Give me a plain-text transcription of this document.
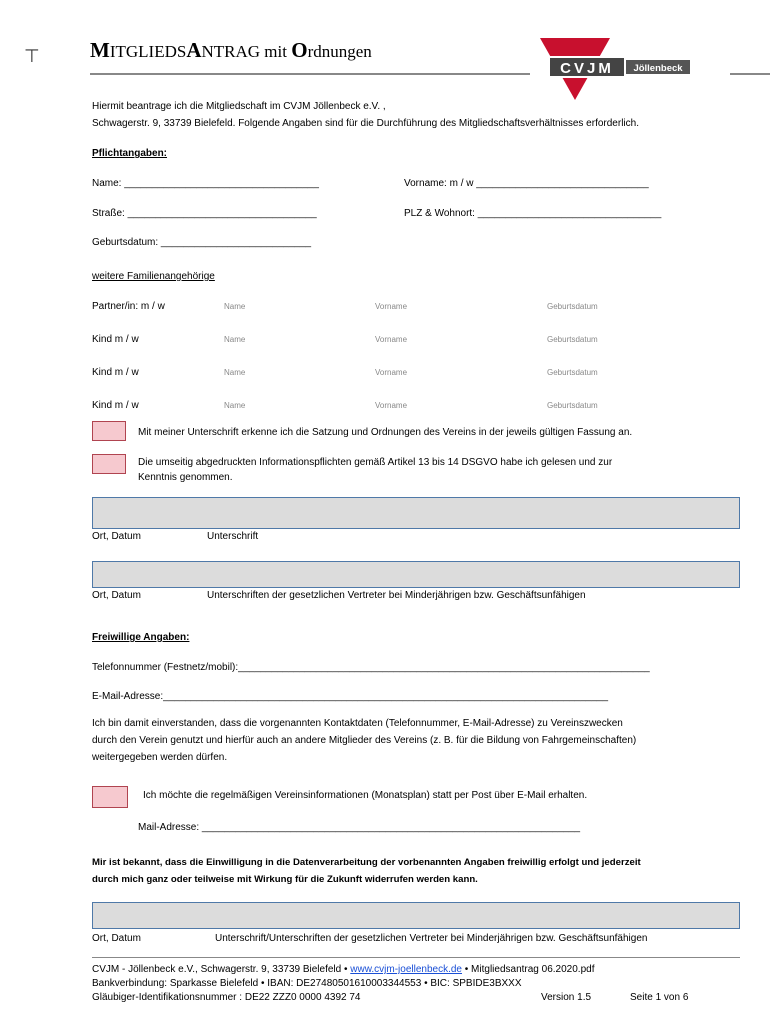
⊤ MITGLIEDSANTRAG mit Ordnungen
CVJM Jöllenbeck
Hiermit beantrage ich die Mitgliedschaft im CVJM Jöllenbeck e.V. ,
Schwagerstr. 9, 33739 Bielefeld. Folgende Angaben sind für die Durchführung des Mitgliedschaftsverhältnisses erforderlich.
Pflichtangaben:
Name: ___________________________________	Vorname: m / w _______________________________
Straße: __________________________________	PLZ & Wohnort: _________________________________
Geburtsdatum: ___________________________
weitere Familienangehörige
Partner/in: m / w	Name	Vorname	Geburtsdatum
Kind m / w	Name	Vorname	Geburtsdatum
Kind m / w	Name	Vorname	Geburtsdatum
Kind m / w	Name	Vorname	Geburtsdatum
Mit meiner Unterschrift erkenne ich die Satzung und Ordnungen des Vereins in der jeweils gültigen Fassung an.
Die umseitig abgedruckten Informationspflichten gemäß Artikel 13 bis 14 DSGVO habe ich gelesen und zur
Kenntnis genommen.
Ort, Datum	Unterschrift
Ort, Datum	Unterschriften der gesetzlichen Vertreter bei Minderjährigen bzw. Geschäftsunfähigen
Freiwillige Angaben:
Telefonnummer (Festnetz/mobil):__________________________________________________________________________
E-Mail-Adresse:________________________________________________________________________________
Ich bin damit einverstanden, dass die vorgenannten Kontaktdaten (Telefonnummer, E-Mail-Adresse) zu Vereinszwecken
durch den Verein genutzt und hierfür auch an andere Mitglieder des Vereins (z. B. für die Bildung von Fahrgemeinschaften)
weitergegeben werden dürfen.
Ich möchte die regelmäßigen Vereinsinformationen (Monatsplan) statt per Post über E-Mail erhalten.
Mail-Adresse: ____________________________________________________________________
Mir ist bekannt, dass die Einwilligung in die Datenverarbeitung der vorbenannten Angaben freiwillig erfolgt und jederzeit
durch mich ganz oder teilweise mit Wirkung für die Zukunft widerrufen werden kann.
Ort, Datum	Unterschrift/Unterschriften der gesetzlichen Vertreter bei Minderjährigen bzw. Geschäftsunfähigen
CVJM - Jöllenbeck e.V., Schwagerstr. 9, 33739 Bielefeld • www.cvjm-joellenbeck.de • Mitgliedsantrag 06.2020.pdf
Bankverbindung: Sparkasse Bielefeld • IBAN: DE27480501610003344553 • BIC: SPBIDE3BXXX
Gläubiger-Identifikationsnummer : DE22 ZZZ0 0000 4392 74	Version 1.5	Seite 1 von 6
